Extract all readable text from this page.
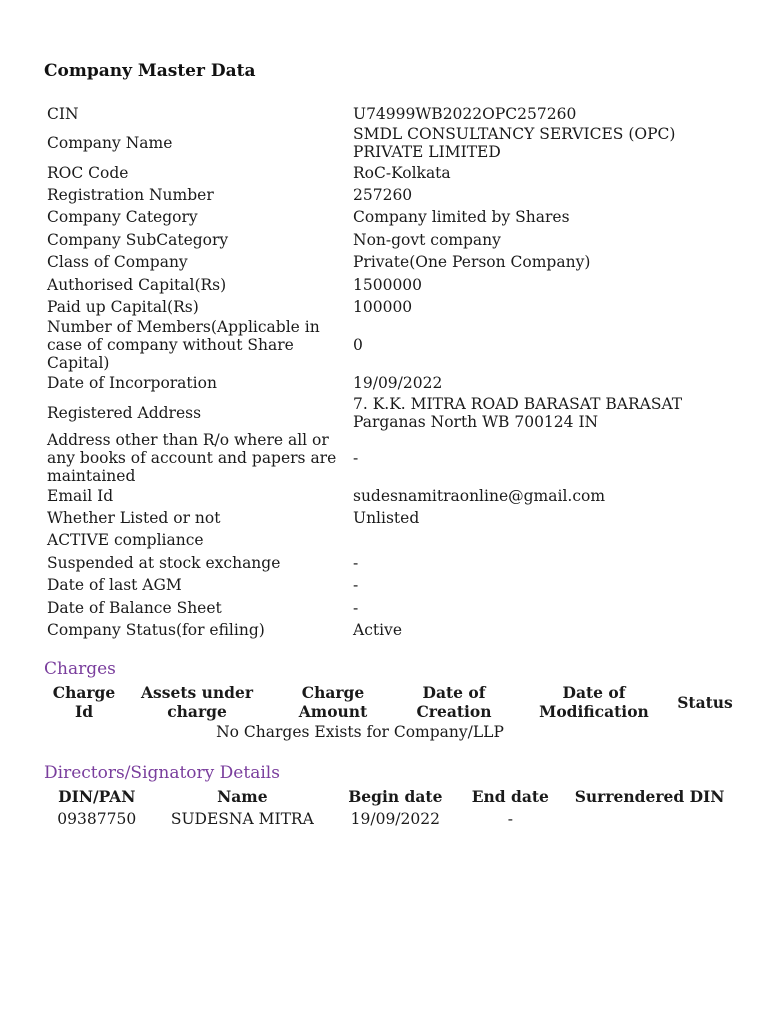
Company Master Data
CIN	U74999WB2022OPC257260
Company Name	SMDL CONSULTANCY SERVICES (OPC) PRIVATE LIMITED
ROC Code	RoC-Kolkata
Registration Number	257260
Company Category	Company limited by Shares
Company SubCategory	Non-govt company
Class of Company	Private(One Person Company)
Authorised Capital(Rs)	1500000
Paid up Capital(Rs)	100000
Number of Members(Applicable in case of company without Share Capital)	0
Date of Incorporation	19/09/2022
Registered Address	7. K.K. MITRA ROAD BARASAT BARASAT Parganas North WB 700124 IN
Address other than R/o where all or any books of account and papers are maintained	-
Email Id	sudesnamitraonline@gmail.com
Whether Listed or not	Unlisted
ACTIVE compliance	
Suspended at stock exchange	-
Date of last AGM	-
Date of Balance Sheet	-
Company Status(for efiling)	Active
Charges
Charge Id	Assets under charge	Charge Amount	Date of Creation	Date of Modification	Status
No Charges Exists for Company/LLP					
Directors/Signatory Details
DIN/PAN	Name	Begin date	End date	Surrendered DIN
09387750	SUDESNA MITRA	19/09/2022	-	
